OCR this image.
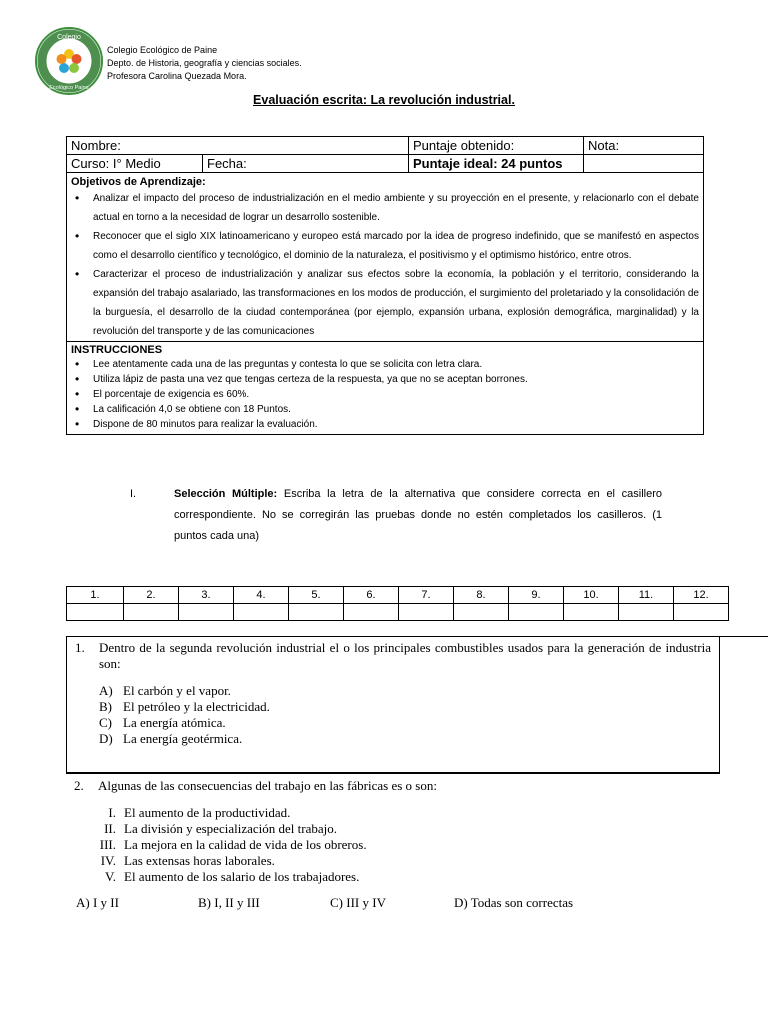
Colegio
Ecológico Paine
Colegio Ecológico de Paine
Depto. de Historia, geografía y ciencias sociales.
Profesora Carolina Quezada Mora.
Evaluación escrita: La revolución industrial.
Nombre:	Puntaje obtenido:	Nota:
Curso: I° Medio	Fecha:	Puntaje ideal: 24 puntos
Objetivos de Aprendizaje:
• Analizar el impacto del proceso de industrialización en el medio ambiente y su proyección en el presente, y relacionarlo con el debate actual en torno a la necesidad de lograr un desarrollo sostenible.
• Reconocer que el siglo XIX latinoamericano y europeo está marcado por la idea de progreso indefinido, que se manifestó en aspectos como el desarrollo científico y tecnológico, el dominio de la naturaleza, el positivismo y el optimismo histórico, entre otros.
• Caracterizar el proceso de industrialización y analizar sus efectos sobre la economía, la población y el territorio, considerando la expansión del trabajo asalariado, las transformaciones en los modos de producción, el surgimiento del proletariado y la consolidación de la burguesía, el desarrollo de la ciudad contemporánea (por ejemplo, expansión urbana, explosión demográfica, marginalidad) y la revolución del transporte y de las comunicaciones
INSTRUCCIONES
• Lee atentamente cada una de las preguntas y contesta lo que se solicita con letra clara.
• Utiliza lápiz de pasta una vez que tengas certeza de la respuesta, ya que no se aceptan borrones.
• El porcentaje de exigencia es 60%.
• La calificación 4,0 se obtiene con 18 Puntos.
• Dispone de 80 minutos para realizar la evaluación.
I.	Selección Múltiple: Escriba la letra de la alternativa que considere correcta en el casillero correspondiente. No se corregirán las pruebas donde no estén completados los casilleros. (1 puntos cada una)
1.	2.	3.	4.	5.	6.	7.	8.	9.	10.	11.	12.

1.	Dentro de la segunda revolución industrial el o los principales combustibles usados para la generación de industria son:
A) El carbón y el vapor.
B) El petróleo y la electricidad.
C) La energía atómica.
D) La energía geotérmica.
2.	Algunas de las consecuencias del trabajo en las fábricas es o son:
I. El aumento de la productividad.
II. La división y especialización del trabajo.
III. La mejora en la calidad de vida de los obreros.
IV. Las extensas horas laborales.
V. El aumento de los salario de los trabajadores.
A) I y II	B) I, II y III	C) III y IV	D) Todas son correctas
